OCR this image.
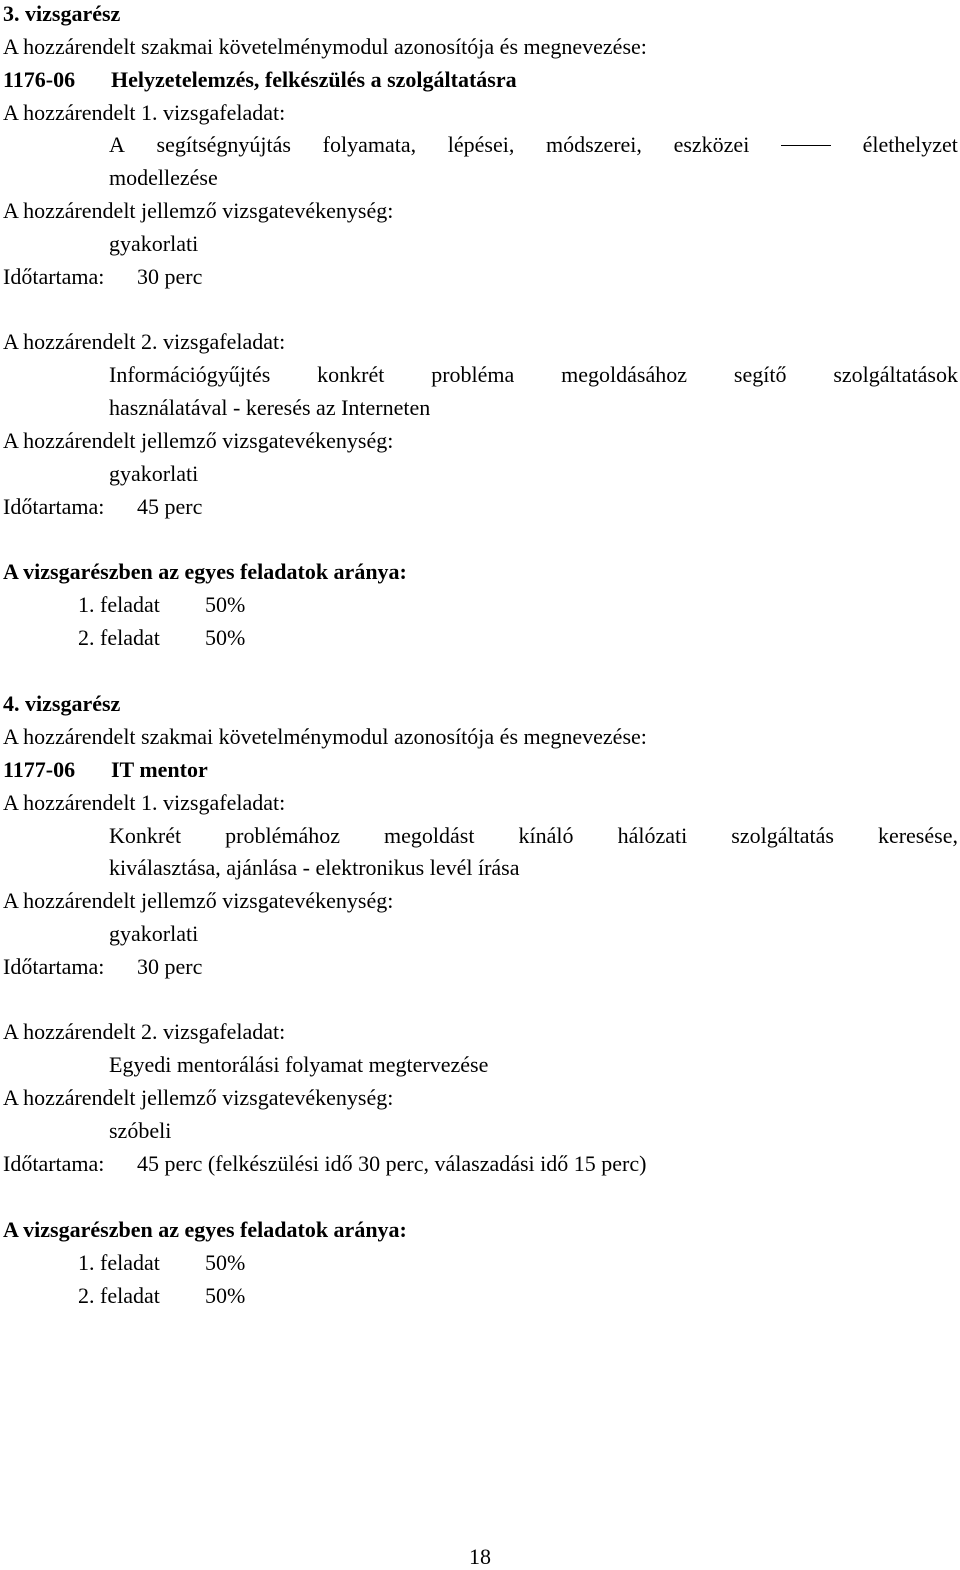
3. vizsgarész
A hozzárendelt szakmai követelménymodul azonosítója és megnevezése:
1176-06 Helyzetelemzés, felkészülés a szolgáltatásra
A hozzárendelt 1. vizsgafeladat:
A segítségnyújtás folyamata, lépései, módszerei, eszközei	élethelyzet
modellezése
A hozzárendelt jellemző vizsgatevékenység:
gyakorlati
Időtartama: 30 perc
A hozzárendelt 2. vizsgafeladat:
Információgyűjtés konkrét probléma megoldásához segítő szolgáltatások
használatával - keresés az Interneten
A hozzárendelt jellemző vizsgatevékenység:
gyakorlati
Időtartama: 45 perc
A vizsgarészben az egyes feladatok aránya:
1. feladat 50%
2. feladat 50%
4. vizsgarész
A hozzárendelt szakmai követelménymodul azonosítója és megnevezése:
1177-06 IT mentor
A hozzárendelt 1. vizsgafeladat:
Konkrét problémához megoldást kínáló hálózati szolgáltatás keresése,
kiválasztása, ajánlása - elektronikus levél írása
A hozzárendelt jellemző vizsgatevékenység:
gyakorlati
Időtartama: 30 perc
A hozzárendelt 2. vizsgafeladat:
Egyedi mentorálási folyamat megtervezése
A hozzárendelt jellemző vizsgatevékenység:
szóbeli
Időtartama: 45 perc (felkészülési idő 30 perc, válaszadási idő 15 perc)
A vizsgarészben az egyes feladatok aránya:
1. feladat 50%
2. feladat 50%
18
